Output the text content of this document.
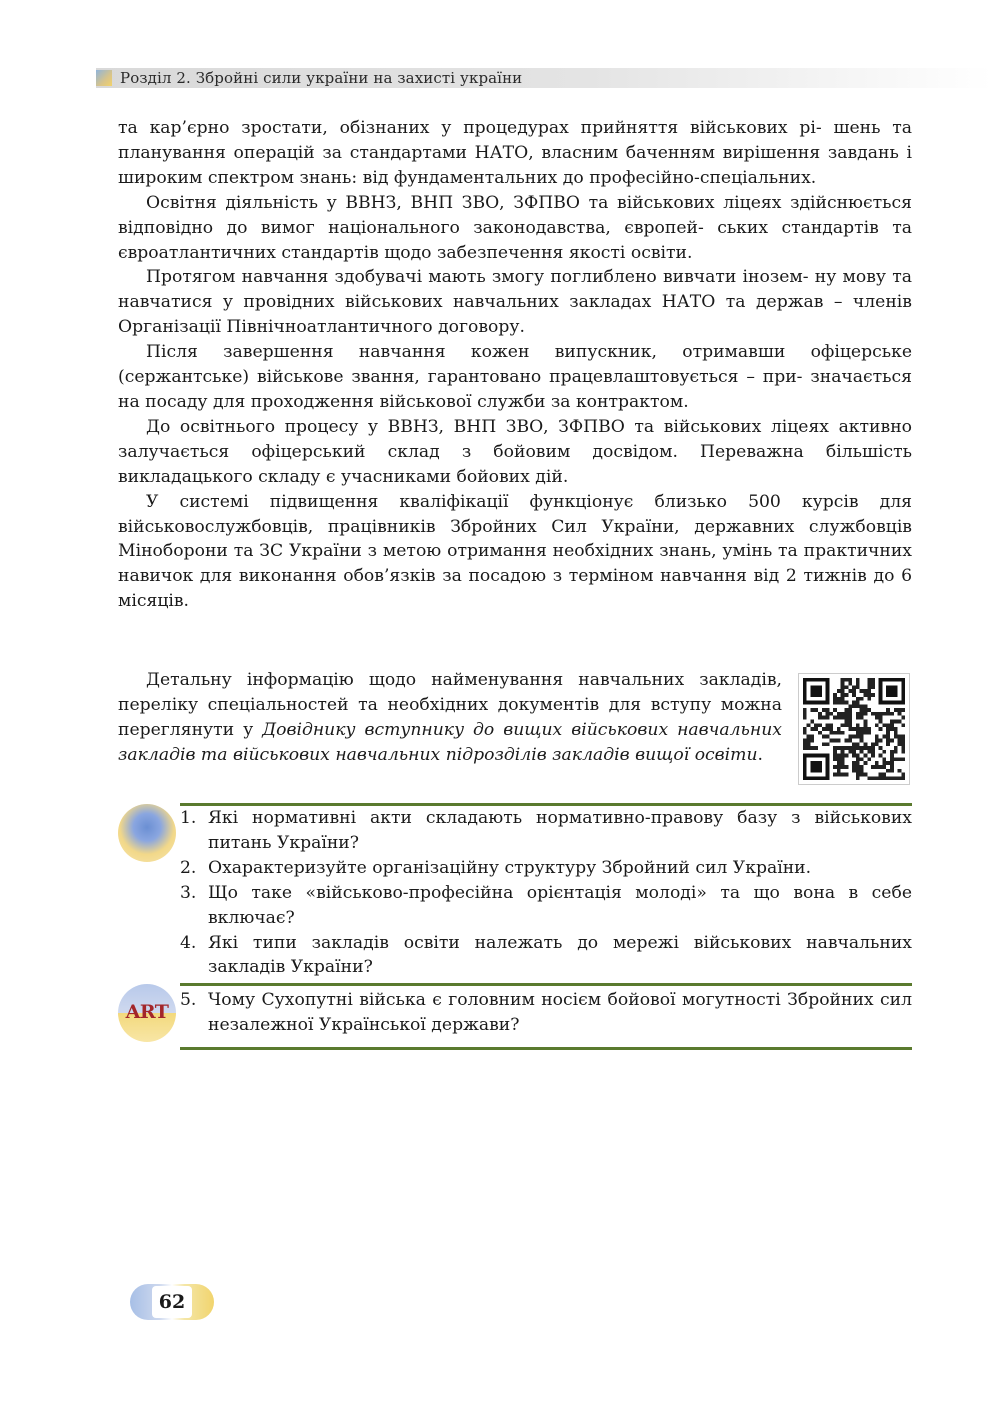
Розділ 2. Збройні сили україни на захисті україни

та кар’єрно зростати, обізнаних у процедурах прийняття військових рі- шень та планування операцій за стандартами НАТО, власним баченням вирішення завдань і широким спектром знань: від фундаментальних до професійно-спеціальних.

Освітня діяльність у ВВНЗ, ВНП ЗВО, ЗФПВО та військових ліцеях здійснюється відповідно до вимог національного законодавства, європей- ських стандартів та євроатлантичних стандартів щодо забезпечення якості освіти.

Протягом навчання здобувачі мають змогу поглиблено вивчати інозем- ну мову та навчатися у провідних військових навчальних закладах НАТО та держав – членів Організації Північноатлантичного договору.

Після завершення навчання кожен випускник, отримавши офіцерське (сержантське) військове звання, гарантовано працевлаштовується – при- значається на посаду для проходження військової служби за контрактом.

До освітнього процесу у ВВНЗ, ВНП ЗВО, ЗФПВО та військових ліцеях активно залучається офіцерський склад з бойовим досвідом. Переважна більшість викладацького складу є учасниками бойових дій.

У системі підвищення кваліфікації функціонує близько 500 курсів для військовослужбовців, працівників Збройних Сил України, державних службовців Міноборони та ЗС України з метою отримання необхідних знань, умінь та практичних навичок для виконання обов’язків за посадою з терміном навчання від 2 тижнів до 6 місяців.

Детальну інформацію щодо найменування навчальних закладів, переліку спеціальностей та необхідних документів для вступу можна переглянути у Довіднику вступнику до вищих військових навчальних закладів та військових навчальних підрозділів закладів вищої освіти.

1. Які нормативні акти складають нормативно-правову базу з військових питань України?
2. Охарактеризуйте організаційну структуру Збройний сил України.
3. Що таке «військово-професійна орієнтація молоді» та що вона в себе включає?
4. Які типи закладів освіти належать до мережі військових навчальних закладів України?
ART
5. Чому Сухопутні війська є головним носієм бойової могутності Збройних сил незалежної Української держави?
62
